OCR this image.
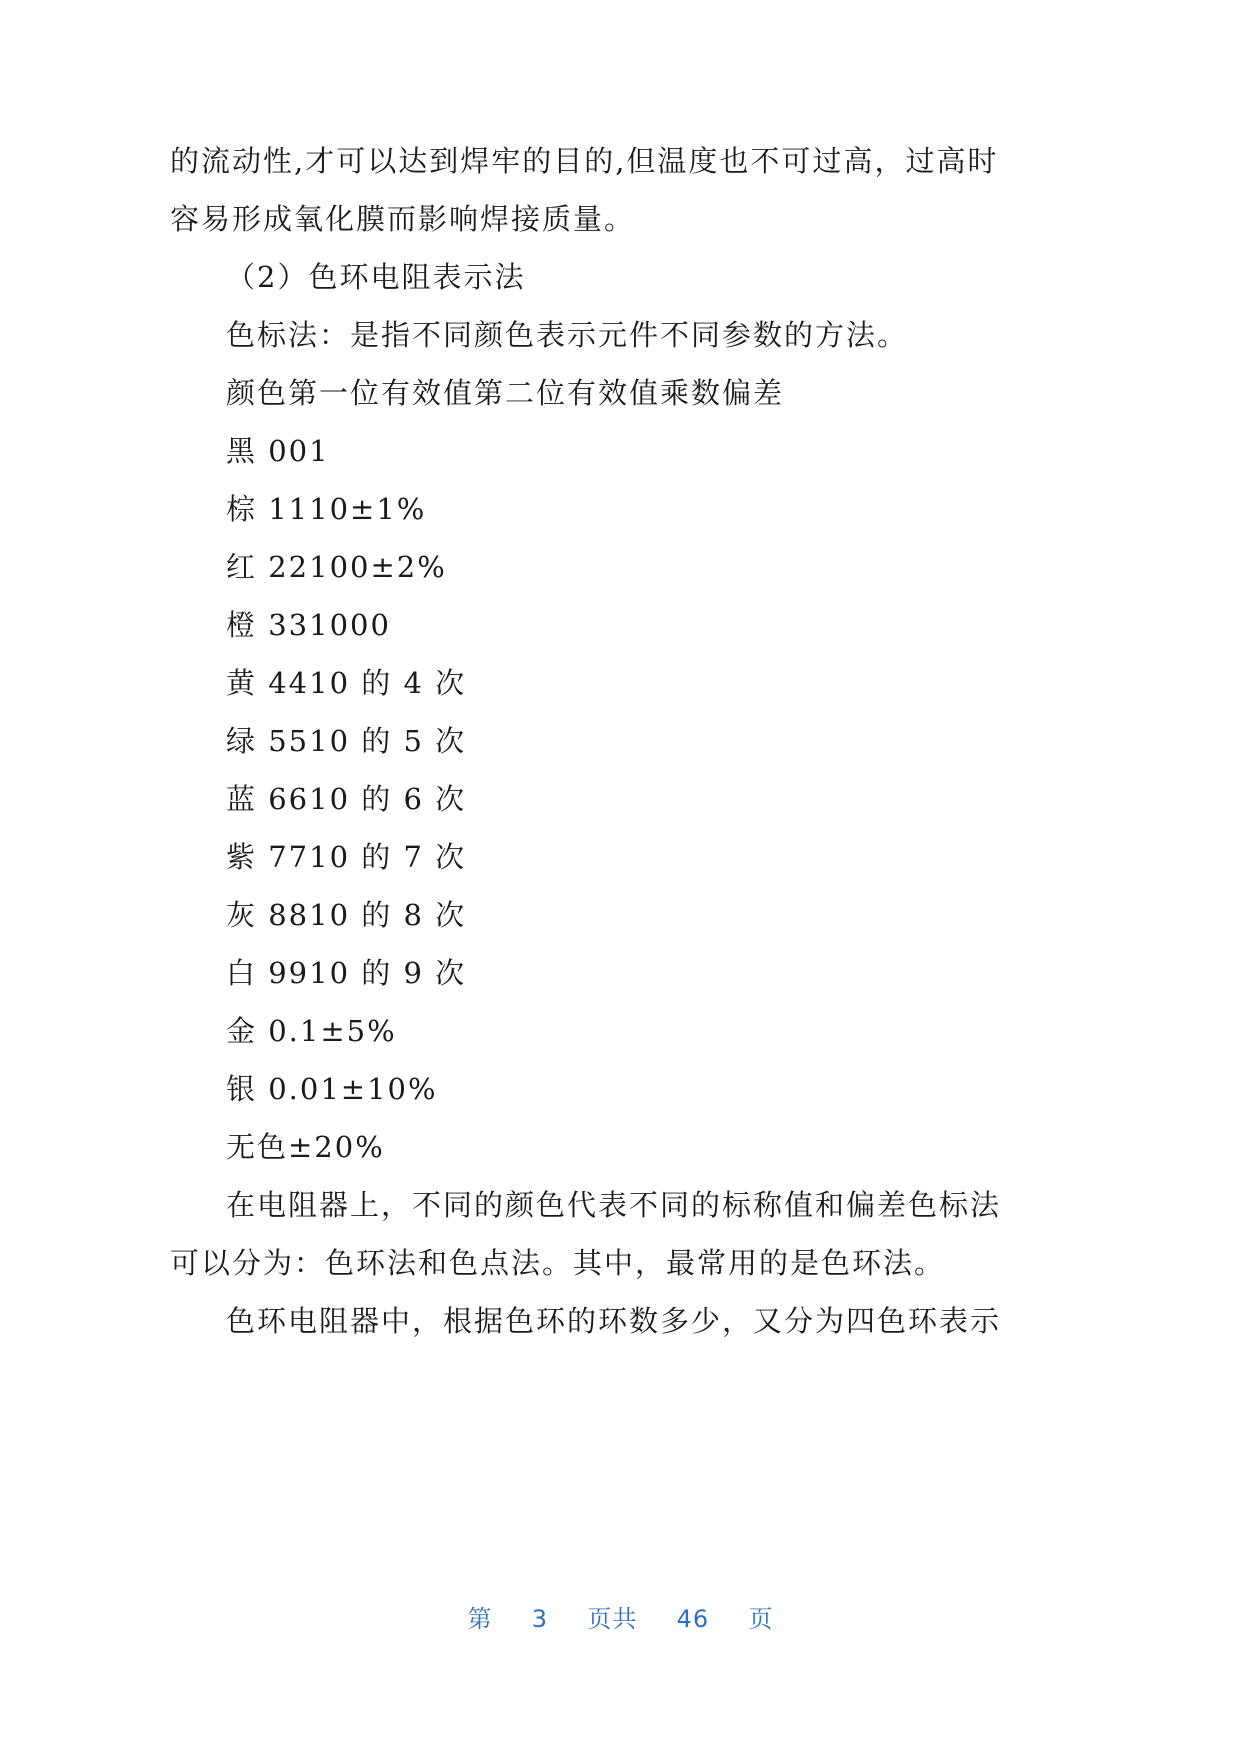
的流动性,才可以达到焊牢的目的,但温度也不可过高，过高时
容易形成氧化膜而影响焊接质量。
（2）色环电阻表示法
色标法：是指不同颜色表示元件不同参数的方法。
颜色第一位有效值第二位有效值乘数偏差
黑 001
棕 1110±1%
红 22100±2%
橙 331000
黄 4410 的 4 次
绿 5510 的 5 次
蓝 6610 的 6 次
紫 7710 的 7 次
灰 8810 的 8 次
白 9910 的 9 次
金 0.1±5%
银 0.01±10%
无色±20%
在电阻器上，不同的颜色代表不同的标称值和偏差色标法
可以分为：色环法和色点法。其中，最常用的是色环法。
色环电阻器中，根据色环的环数多少，又分为四色环表示
第 3 页共 46 页
